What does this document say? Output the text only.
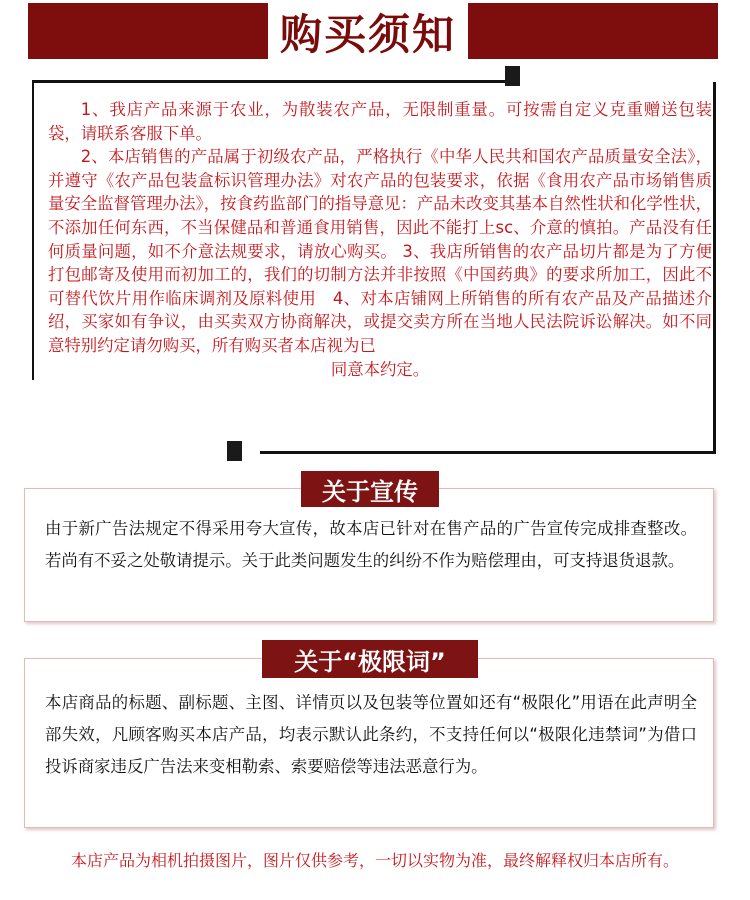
购买须知

1、我店产品来源于农业，为散装农产品，无限制重量。可按需自定义克重赠送包装袋，请联系客服下单。

2、本店销售的产品属于初级农产品，严格执行《中华人民共和国农产品质量安全法》，并遵守《农产品包装盒标识管理办法》对农产品的包装要求，依据《食用农产品市场销售质量安全监督管理办法》，按食药监部门的指导意见：产品未改变其基本自然性状和化学性状，不添加任何东西，不当保健品和普通食用销售，因此不能打上sc、介意的慎拍。产品没有任何质量问题，如不介意法规要求，请放心购买。 3、我店所销售的农产品切片都是为了方便打包邮寄及使用而初加工的，我们的切制方法并非按照《中国药典》的要求所加工，因此不可替代饮片用作临床调剂及原料使用　4、对本店铺网上所销售的所有农产品及产品描述介绍，买家如有争议，由买卖双方协商解决，或提交卖方所在当地人民法院诉讼解决。如不同意特别约定请勿购买，所有购买者本店视为已

同意本约定。

由于新广告法规定不得采用夸大宣传，故本店已针对在售产品的广告宣传完成排查整改。若尚有不妥之处敬请提示。关于此类问题发生的纠纷不作为赔偿理由，可支持退货退款。
关于宣传
本店商品的标题、副标题、主图、详情页以及包装等位置如还有“极限化”用语在此声明全部失效，凡顾客购买本店产品，均表示默认此条约，不支持任何以“极限化违禁词”为借口投诉商家违反广告法来变相勒索、索要赔偿等违法恶意行为。
关于“极限词”
本店产品为相机拍摄图片，图片仅供参考，一切以实物为准，最终解释权归本店所有。
